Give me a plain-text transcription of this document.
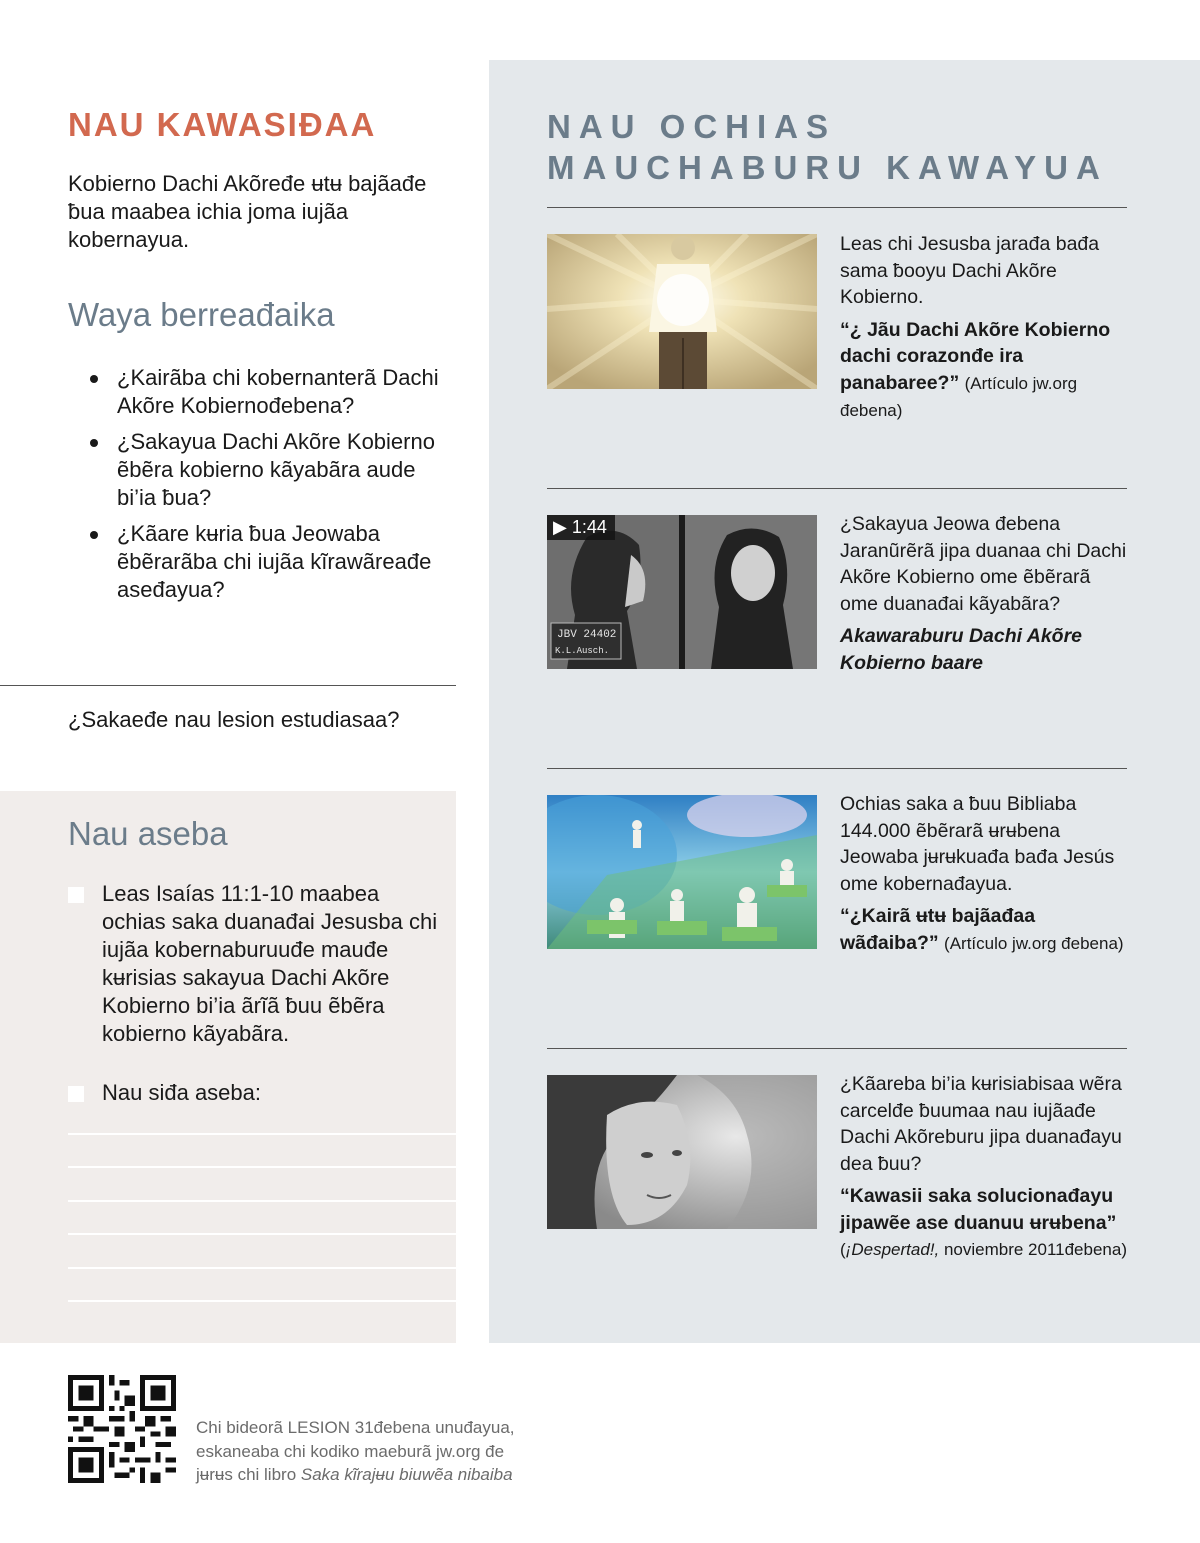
NAU KAWASIƉAA

Kobierno Dachi Akõređe ʉtʉ bajãađe ƀua maabea ichia joma iujãa kobernayua.

Waya berreađaika
¿Kairãba chi kobernanterã Dachi Akõre Kobiernođebena?
¿Sakayua Dachi Akõre Kobierno ẽbẽra kobierno kãyabãra aude bi’ia ƀua?
¿Kãare kʉria ƀua Jeowaba ẽbẽrarãba chi iujãa kĩrawãreađe aseđayua?

¿Sakaeđe nau lesion estudiasaa?

Nau aseba
Leas Isaías 11:1-10 maabea ochias saka duanađai Jesusba chi iujãa kobernaburuuđe mauđe kʉrisias sakayua Dachi Akõre Kobierno bi’ia ãrĩã ƀuu ẽbẽra kobierno kãyabãra.
Nau siđa aseba:
NAU OCHIAS
MAUCHABURU KAWAYUA

Leas chi Jesusba jarađa bađa sama ƀooyu Dachi Akõre Kobierno.

“¿ Jãu Dachi Akõre Kobierno dachi corazonđe ira panabaree?” (Artículo jw.org đebena)

JBV 24402
K.L.Ausch.
▶ 1:44	¿Sakayua Jeowa đebena Jaranũrẽrã jipa duanaa chi Dachi Akõre Kobierno ome ẽbẽrarã ome duanađai kãyabãra?

Akawaraburu Dachi Akõre Kobierno baare

Ochias saka a ƀuu Bibliaba 144.000 ẽbẽrarã ʉrʉbena Jeowaba jʉrʉkuađa bađa Jesús ome kobernađayua.

“¿Kairã ʉtʉ bajãađaa wãđaiba?” (Artículo jw.org đebena)

¿Kãareba bi’ia kʉrisiabisaa wẽra carcelđe ƀuumaa nau iujãađe Dachi Akõreburu jipa duanađayu dea ƀuu?

“Kawasii saka solucionađayu jipawẽe ase duanuu ʉrʉbena”
(¡Despertad!, noviembre 2011đebena)

Chi bideorã LESION 31đebena unuđayua,
eskaneaba chi kodiko maeburã jw.org đe
jʉrʉs chi libro Saka kĩrajʉu biuwẽa nibaiba
